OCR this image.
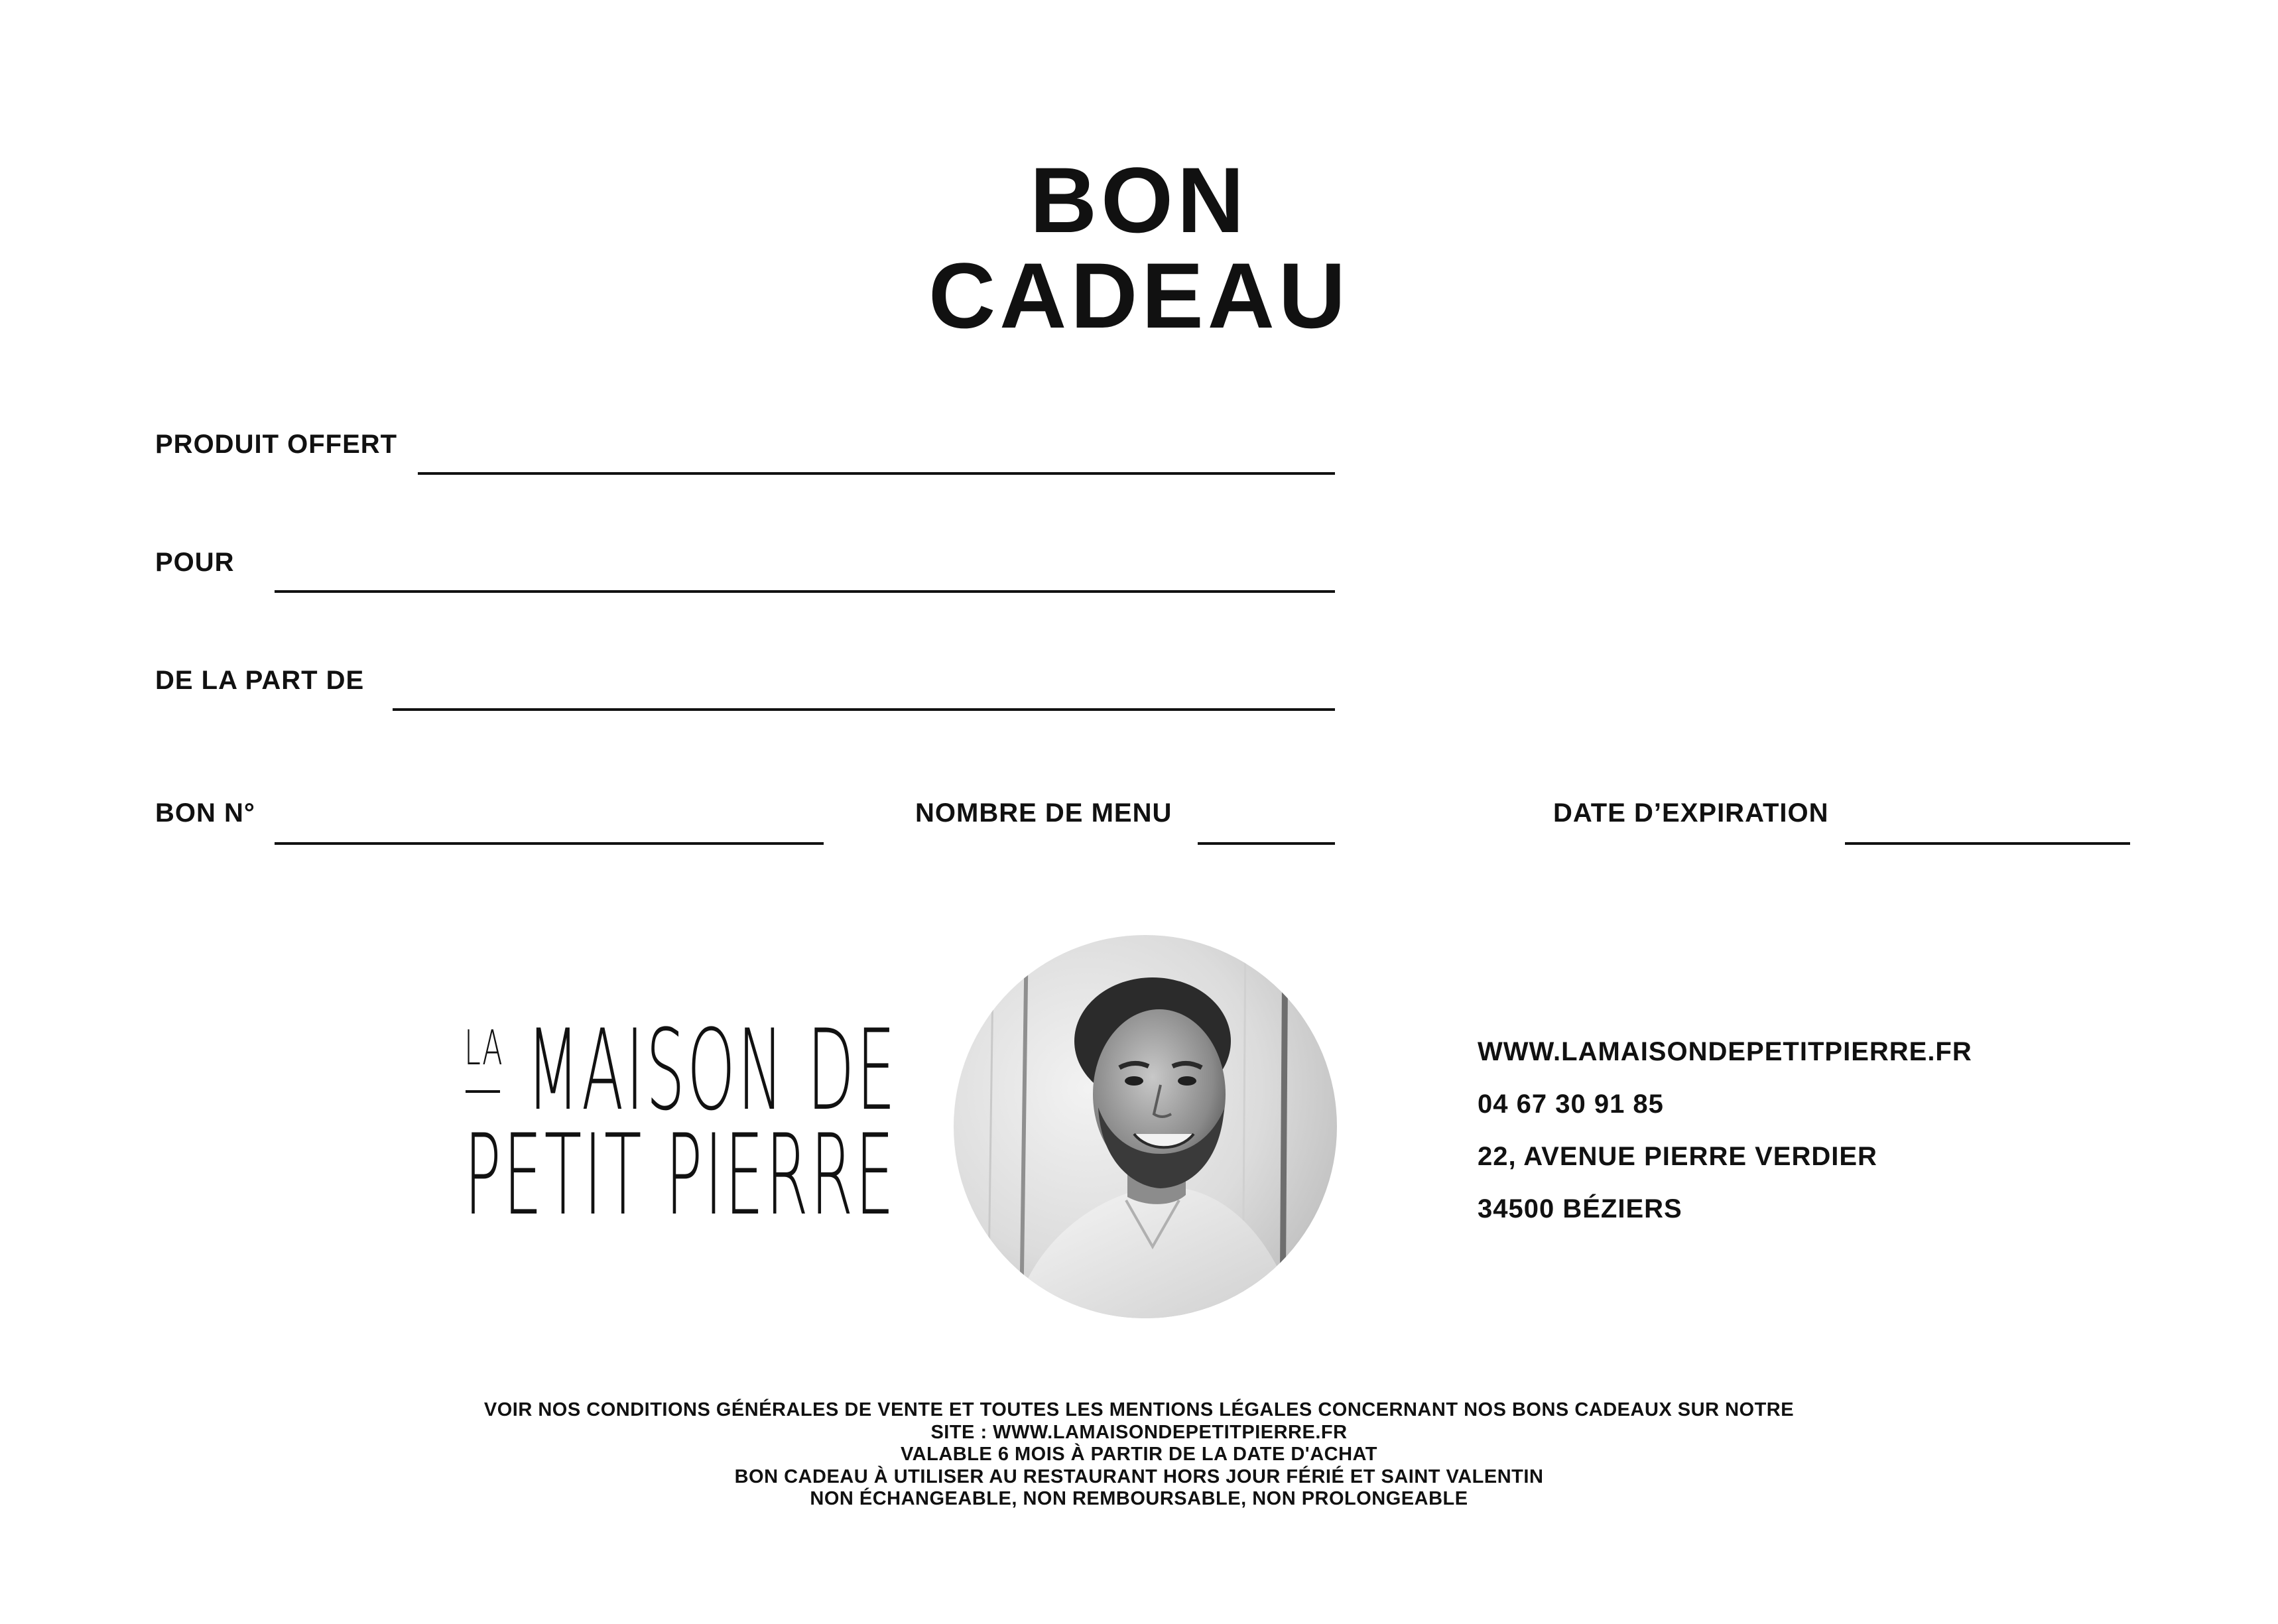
BON
CADEAU
PRODUIT OFFERT
POUR
DE LA PART DE
BON N°	NOMBRE DE MENU	DATE D’EXPIRATION
LA MAISON DE
PETIT PIERRE
WWW.LAMAISONDEPETITPIERRE.FR
04 67 30 91 85
22, AVENUE PIERRE VERDIER
34500 BÉZIERS
VOIR NOS CONDITIONS GÉNÉRALES DE VENTE ET TOUTES LES MENTIONS LÉGALES CONCERNANT NOS BONS CADEAUX SUR NOTRE
SITE : WWW.LAMAISONDEPETITPIERRE.FR
VALABLE 6 MOIS À PARTIR DE LA DATE D'ACHAT
BON CADEAU À UTILISER AU RESTAURANT HORS JOUR FÉRIÉ ET SAINT VALENTIN
NON ÉCHANGEABLE, NON REMBOURSABLE, NON PROLONGEABLE
